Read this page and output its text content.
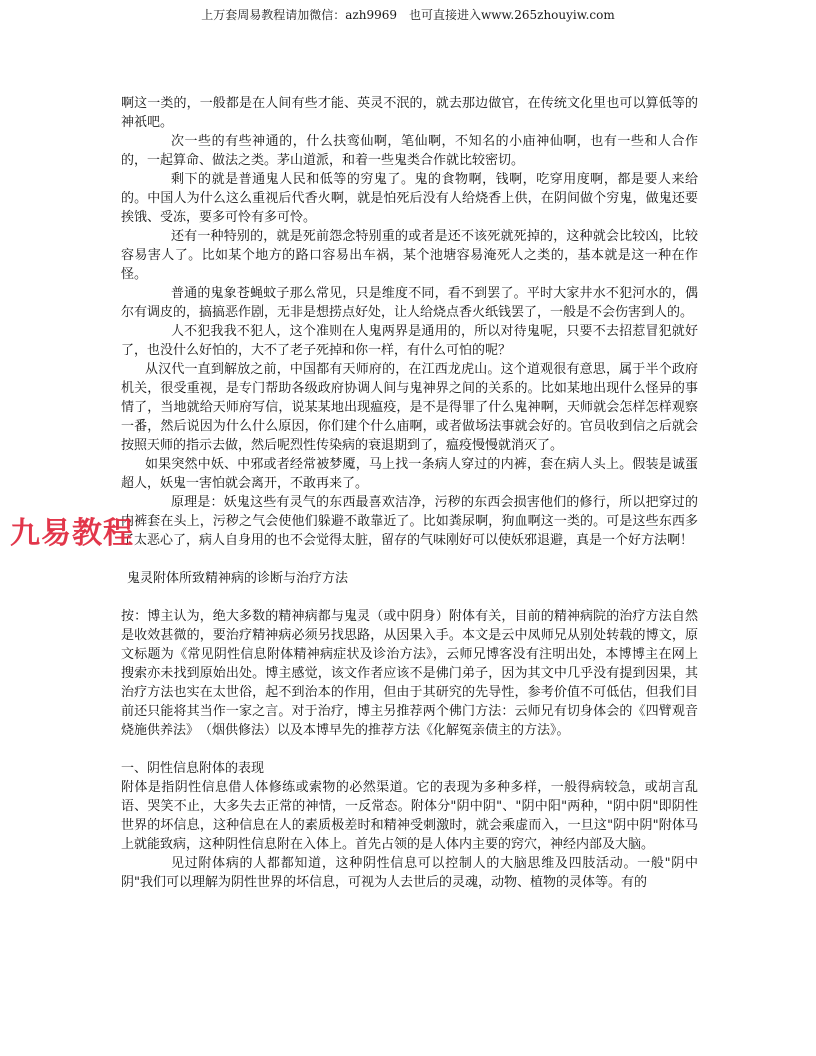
上万套周易教程请加微信：azh9969　也可直接进入www.265zhouyiw.com

啊这一类的，一般都是在人间有些才能、英灵不泯的，就去那边做官，在传统文化里也可以算低等的神祇吧。

次一些的有些神通的，什么扶鸾仙啊，笔仙啊，不知名的小庙神仙啊，也有一些和人合作的，一起算命、做法之类。茅山道派，和着一些鬼类合作就比较密切。

剩下的就是普通鬼人民和低等的穷鬼了。鬼的食物啊，钱啊，吃穿用度啊，都是要人来给的。中国人为什么这么重视后代香火啊，就是怕死后没有人给烧香上供，在阴间做个穷鬼，做鬼还要挨饿、受冻，要多可怜有多可怜。

还有一种特别的，就是死前怨念特别重的或者是还不该死就死掉的，这种就会比较凶，比较容易害人了。比如某个地方的路口容易出车祸，某个池塘容易淹死人之类的，基本就是这一种在作怪。

普通的鬼象苍蝇蚊子那么常见，只是维度不同，看不到罢了。平时大家井水不犯河水的，偶尔有调皮的，搞搞恶作剧，无非是想捞点好处，让人给烧点香火纸钱罢了，一般是不会伤害到人的。

人不犯我我不犯人，这个准则在人鬼两界是通用的，所以对待鬼呢，只要不去招惹冒犯就好了，也没什么好怕的，大不了老子死掉和你一样，有什么可怕的呢？

从汉代一直到解放之前，中国都有天师府的，在江西龙虎山。这个道观很有意思，属于半个政府机关，很受重视，是专门帮助各级政府协调人间与鬼神界之间的关系的。比如某地出现什么怪异的事情了，当地就给天师府写信，说某某地出现瘟疫，是不是得罪了什么鬼神啊，天师就会怎样怎样观察一番，然后说因为什么什么原因，你们建个什么庙啊，或者做场法事就会好的。官员收到信之后就会按照天师的指示去做，然后呢烈性传染病的衰退期到了，瘟疫慢慢就消灭了。

如果突然中妖、中邪或者经常被梦魇，马上找一条病人穿过的内裤，套在病人头上。假装是诚蛋超人，妖鬼一害怕就会离开，不敢再来了。

原理是：妖鬼这些有灵气的东西最喜欢洁净，污秽的东西会损害他们的修行，所以把穿过的内裤套在头上，污秽之气会使他们躲避不敢靠近了。比如粪尿啊，狗血啊这一类的。可是这些东西多了太恶心了，病人自身用的也不会觉得太脏，留存的气味刚好可以使妖邪退避，真是一个好方法啊！

鬼灵附体所致精神病的诊断与治疗方法

按：博主认为，绝大多数的精神病都与鬼灵（或中阴身）附体有关，目前的精神病院的治疗方法自然是收效甚微的，要治疗精神病必须另找思路，从因果入手。本文是云中凤师兄从别处转载的博文，原文标题为《常见阴性信息附体精神病症状及诊治方法》，云师兄博客没有注明出处，本博博主在网上搜索亦未找到原始出处。博主感觉，该文作者应该不是佛门弟子，因为其文中几乎没有提到因果，其治疗方法也实在太世俗，起不到治本的作用，但由于其研究的先导性，参考价值不可低估，但我们目前还只能将其当作一家之言。对于治疗，博主另推荐两个佛门方法：云师兄有切身体会的《四臂观音烧施供养法》　（烟供修法）以及本博早先的推荐方法《化解冤亲债主的方法》。

一、阴性信息附体的表现

附体是指阴性信息借人体修练或索物的必然渠道。它的表现为多种多样，一般得病较急，或胡言乱语、哭笑不止，大多失去正常的神情，一反常态。附体分"阴中阴"、"阴中阳"两种，"阴中阴"即阴性世界的坏信息，这种信息在人的素质极差时和精神受刺激时，就会乘虚而入，一旦这"阴中阴"附体马上就能致病，这种阴性信息附在入体上。首先占领的是人体内主要的窍穴，神经内部及大脑。

见过附体病的人都都知道，这种阴性信息可以控制人的大脑思维及四肢活动。一般"阴中阴"我们可以理解为阴性世界的坏信息，可视为人去世后的灵魂，动物、植物的灵体等。有的

九易教程
